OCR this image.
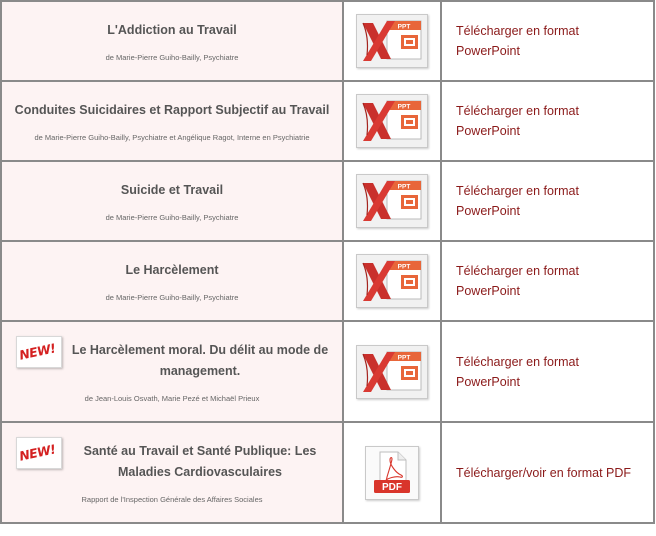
L'Addiction au Travail
de Marie-Pierre Guiho-Bailly, Psychiatre	PPT	Télécharger en format PowerPoint

Conduites Suicidaires et Rapport Subjectif au Travail
de Marie-Pierre Guiho-Bailly, Psychiatre et Angélique Ragot, Interne en Psychiatrie	PPT	Télécharger en format PowerPoint

Suicide et Travail
de Marie-Pierre Guiho-Bailly, Psychiatre	PPT	Télécharger en format PowerPoint

Le Harcèlement
de Marie-Pierre Guiho-Bailly, Psychiatre	PPT	Télécharger en format PowerPoint

NEW! Le Harcèlement moral. Du délit au mode de management.
de Jean-Louis Osvath, Marie Pezé et Michaël Prieux	PPT	Télécharger en format PowerPoint

NEW! Santé au Travail et Santé Publique: Les Maladies Cardiovasculaires
Rapport de l'Inspection Générale des Affaires Sociales	PDF	Télécharger/voir en format PDF
